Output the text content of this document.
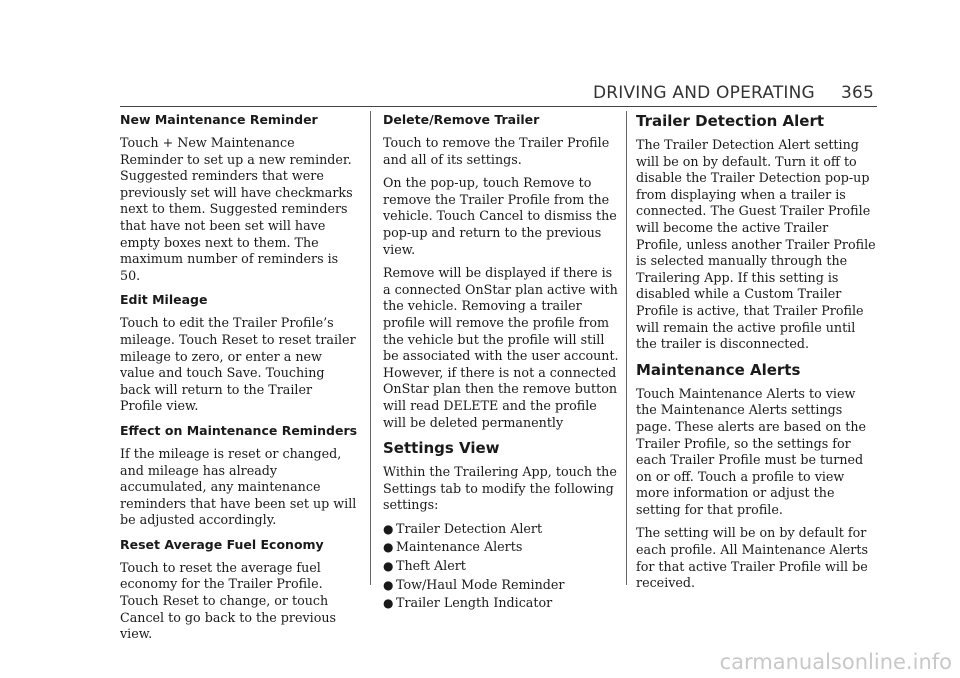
DRIVING AND OPERATING 365
New Maintenance Reminder

Touch + New Maintenance Reminder to set up a new reminder. Suggested reminders that were previously set will have checkmarks next to them. Suggested reminders that have not been set will have empty boxes next to them. The maximum number of reminders is 50.

Edit Mileage

Touch to edit the Trailer Profile’s mileage. Touch Reset to reset trailer mileage to zero, or enter a new value and touch Save. Touching back will return to the Trailer Profile view.

Effect on Maintenance Reminders

If the mileage is reset or changed, and mileage has already accumulated, any maintenance reminders that have been set up will be adjusted accordingly.

Reset Average Fuel Economy

Touch to reset the average fuel economy for the Trailer Profile. Touch Reset to change, or touch Cancel to go back to the previous view.

Delete/Remove Trailer

Touch to remove the Trailer Profile and all of its settings.

On the pop-up, touch Remove to remove the Trailer Profile from the vehicle. Touch Cancel to dismiss the pop-up and return to the previous view.

Remove will be displayed if there is a connected OnStar plan active with the vehicle. Removing a trailer profile will remove the profile from the vehicle but the profile will still be associated with the user account. However, if there is not a connected OnStar plan then the remove button will read DELETE and the profile will be deleted permanently

Settings View

Within the Trailering App, touch the Settings tab to modify the following settings:

● Trailer Detection Alert
● Maintenance Alerts
● Theft Alert
● Tow/Haul Mode Reminder
● Trailer Length Indicator
Trailer Detection Alert

The Trailer Detection Alert setting will be on by default. Turn it off to disable the Trailer Detection pop-up from displaying when a trailer is connected. The Guest Trailer Profile will become the active Trailer Profile, unless another Trailer Profile is selected manually through the Trailering App. If this setting is disabled while a Custom Trailer Profile is active, that Trailer Profile will remain the active profile until the trailer is disconnected.

Maintenance Alerts

Touch Maintenance Alerts to view the Maintenance Alerts settings page. These alerts are based on the Trailer Profile, so the settings for each Trailer Profile must be turned on or off. Touch a profile to view more information or adjust the setting for that profile.

The setting will be on by default for each profile. All Maintenance Alerts for that active Trailer Profile will be received.

carmanualsonline.info
